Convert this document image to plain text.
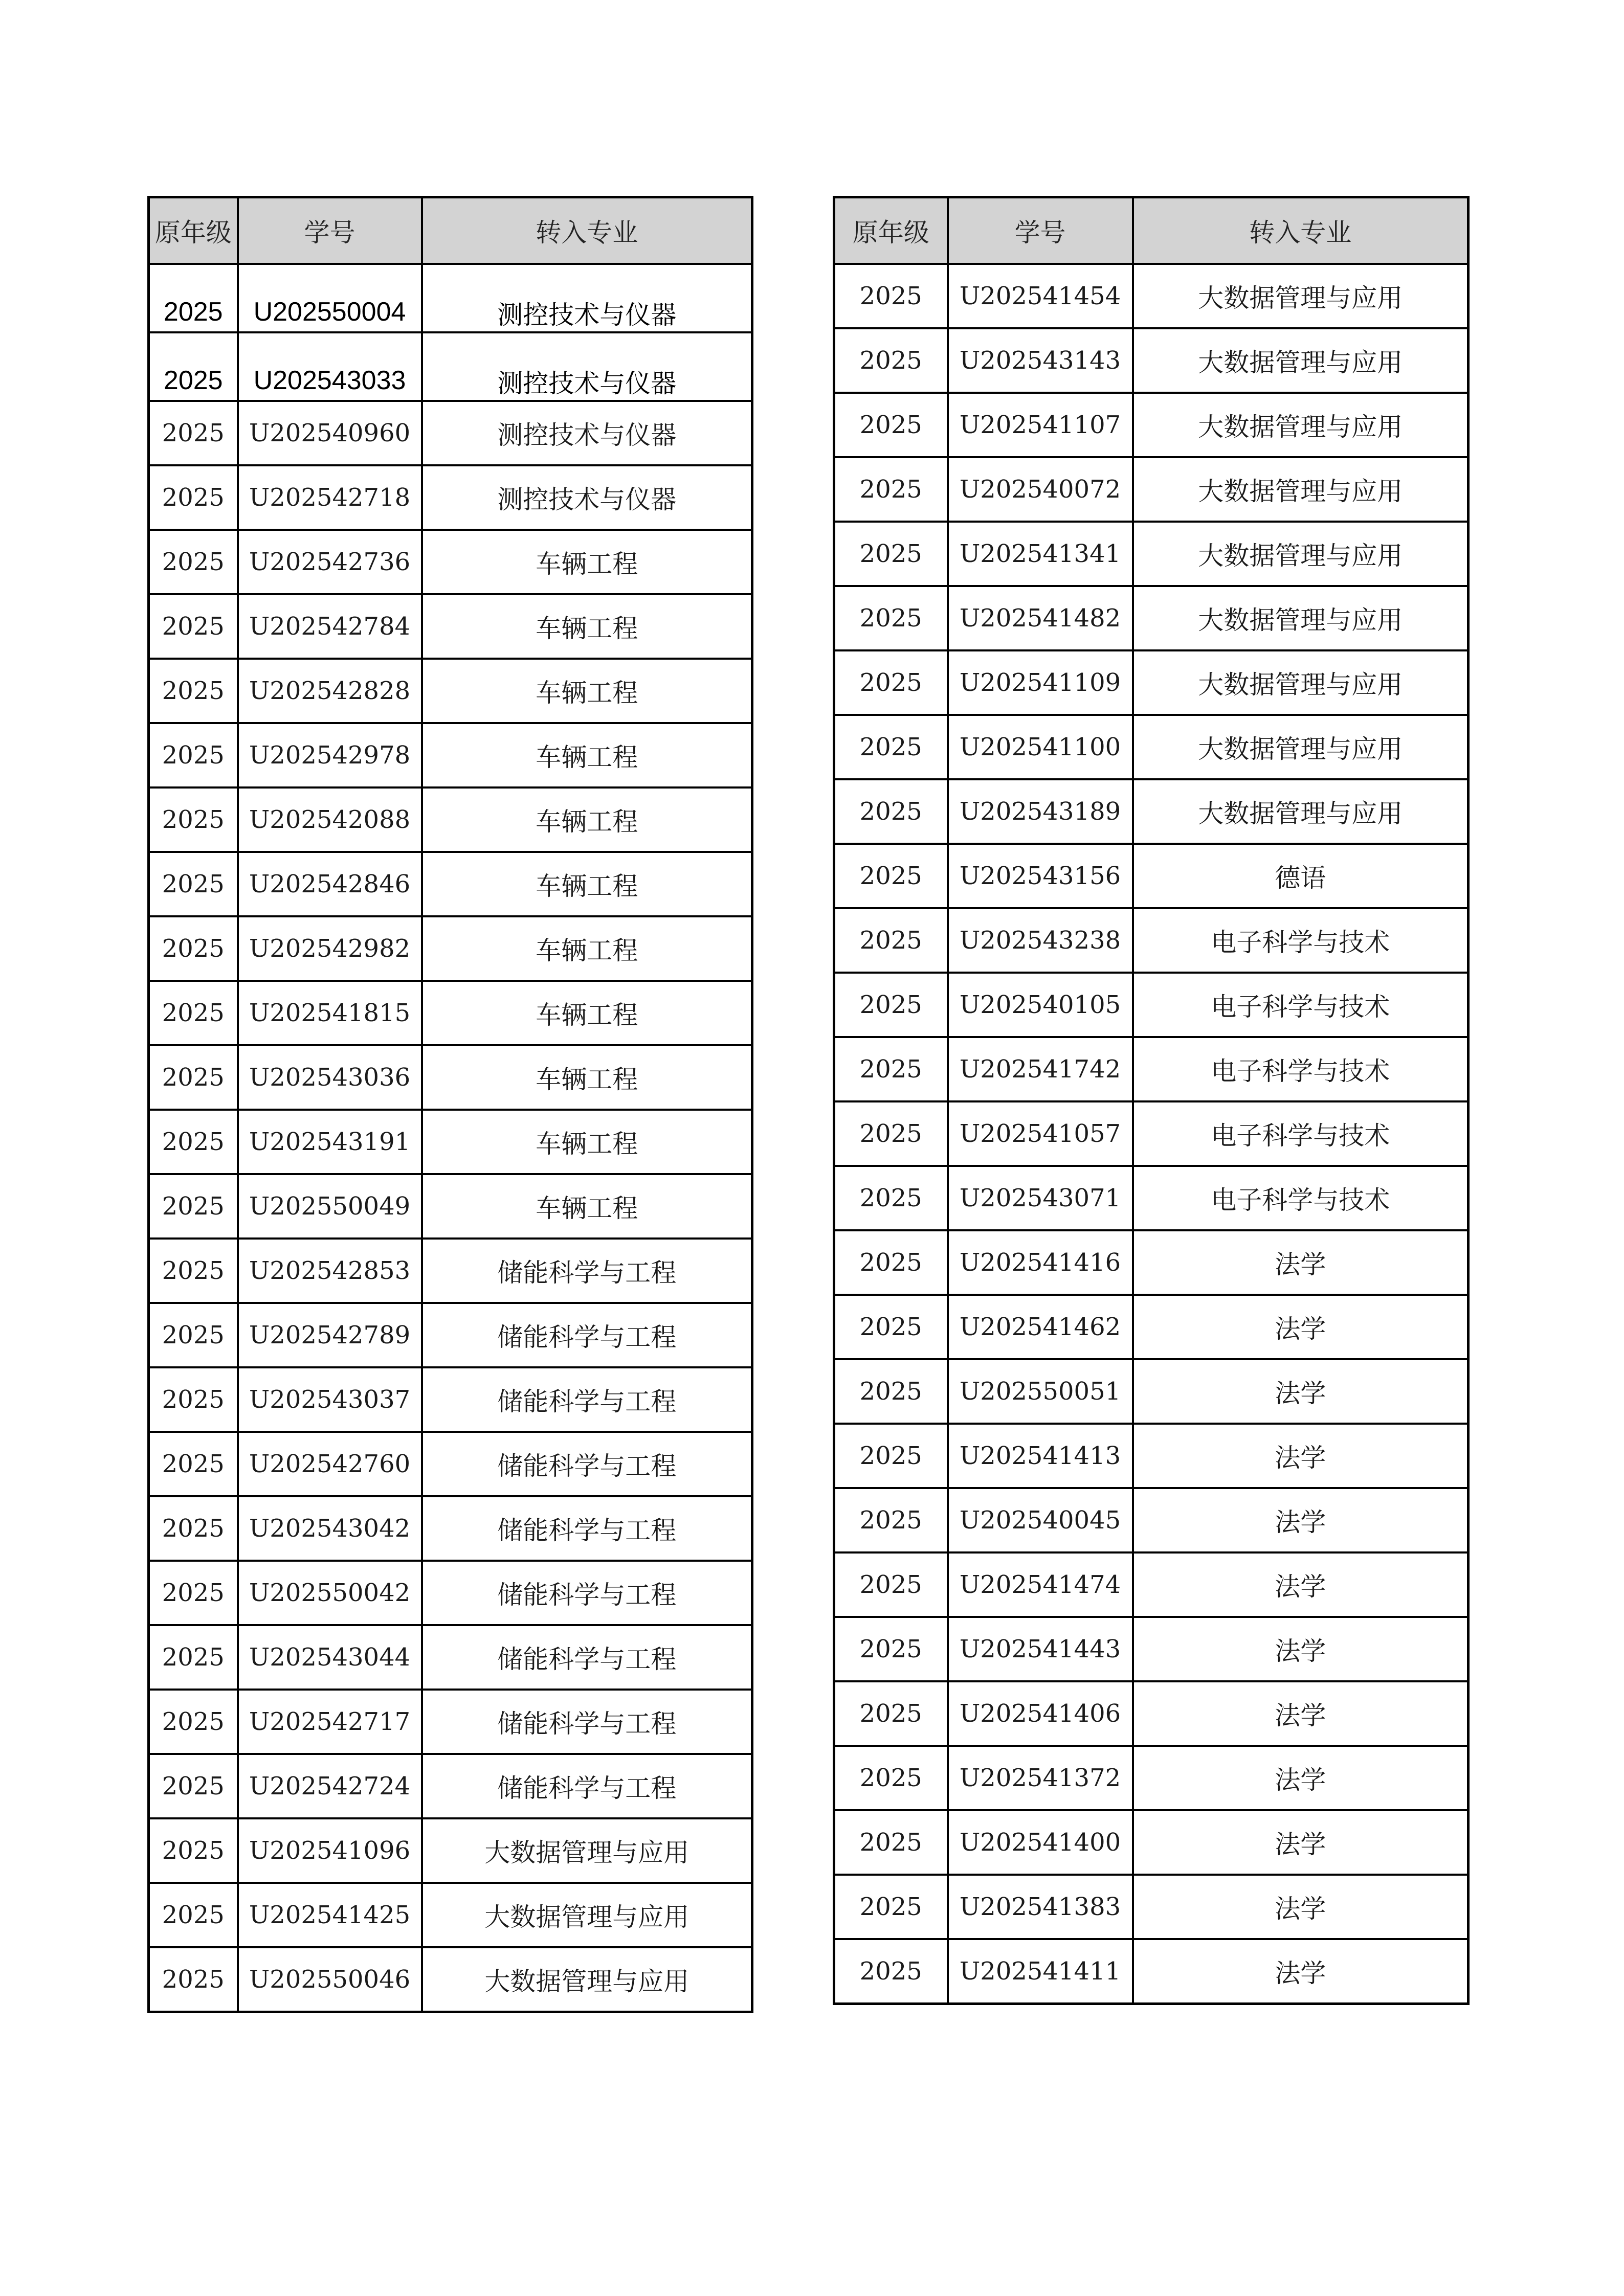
原年级	学号	转入专业
2025	U202550004	测控技术与仪器
2025	U202543033	测控技术与仪器
2025	U202540960	测控技术与仪器
2025	U202542718	测控技术与仪器
2025	U202542736	车辆工程
2025	U202542784	车辆工程
2025	U202542828	车辆工程
2025	U202542978	车辆工程
2025	U202542088	车辆工程
2025	U202542846	车辆工程
2025	U202542982	车辆工程
2025	U202541815	车辆工程
2025	U202543036	车辆工程
2025	U202543191	车辆工程
2025	U202550049	车辆工程
2025	U202542853	储能科学与工程
2025	U202542789	储能科学与工程
2025	U202543037	储能科学与工程
2025	U202542760	储能科学与工程
2025	U202543042	储能科学与工程
2025	U202550042	储能科学与工程
2025	U202543044	储能科学与工程
2025	U202542717	储能科学与工程
2025	U202542724	储能科学与工程
2025	U202541096	大数据管理与应用
2025	U202541425	大数据管理与应用
2025	U202550046	大数据管理与应用
原年级	学号	转入专业
2025	U202541454	大数据管理与应用
2025	U202543143	大数据管理与应用
2025	U202541107	大数据管理与应用
2025	U202540072	大数据管理与应用
2025	U202541341	大数据管理与应用
2025	U202541482	大数据管理与应用
2025	U202541109	大数据管理与应用
2025	U202541100	大数据管理与应用
2025	U202543189	大数据管理与应用
2025	U202543156	德语
2025	U202543238	电子科学与技术
2025	U202540105	电子科学与技术
2025	U202541742	电子科学与技术
2025	U202541057	电子科学与技术
2025	U202543071	电子科学与技术
2025	U202541416	法学
2025	U202541462	法学
2025	U202550051	法学
2025	U202541413	法学
2025	U202540045	法学
2025	U202541474	法学
2025	U202541443	法学
2025	U202541406	法学
2025	U202541372	法学
2025	U202541400	法学
2025	U202541383	法学
2025	U202541411	法学
